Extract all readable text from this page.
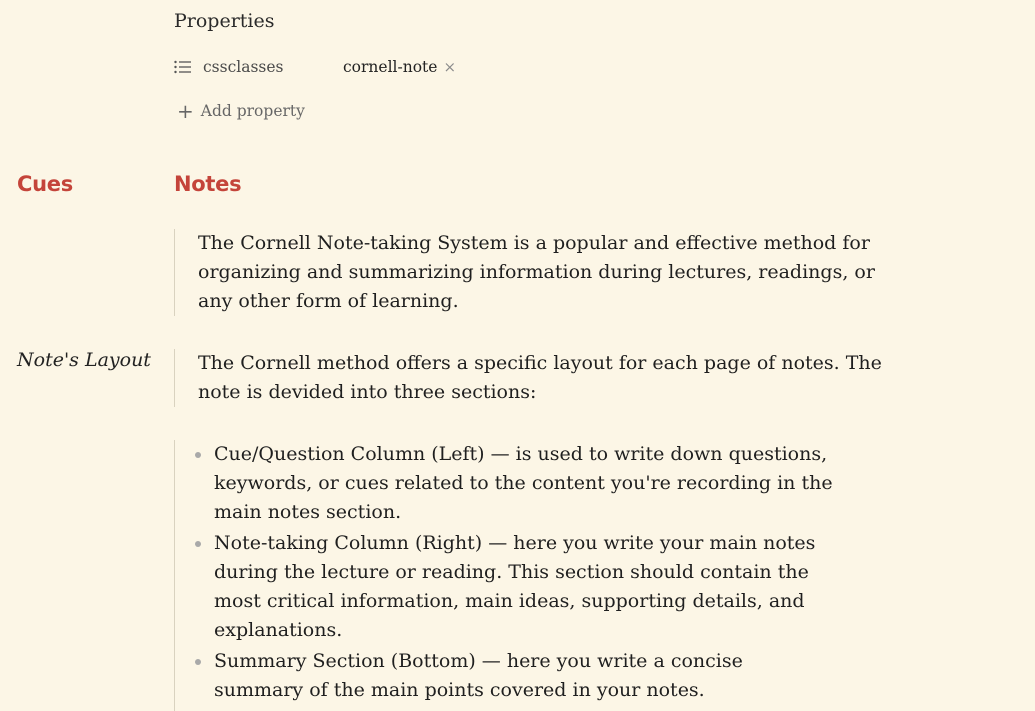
Properties
cssclasses	cornell-note ×
+ Add property
Cues	Notes

The Cornell Note-taking System is a popular and effective method for organizing and summarizing information during lectures, readings, or any other form of learning.

Note's Layout The Cornell method offers a specific layout for each page of notes. The note is devided into three sections:

Cue/Question Column (Left) — is used to write down questions, keywords, or cues related to the content you're recording in the main notes section.
Note-taking Column (Right) — here you write your main notes during the lecture or reading. This section should contain the most critical information, main ideas, supporting details, and explanations.
Summary Section (Bottom) — here you write a concise summary of the main points covered in your notes.
